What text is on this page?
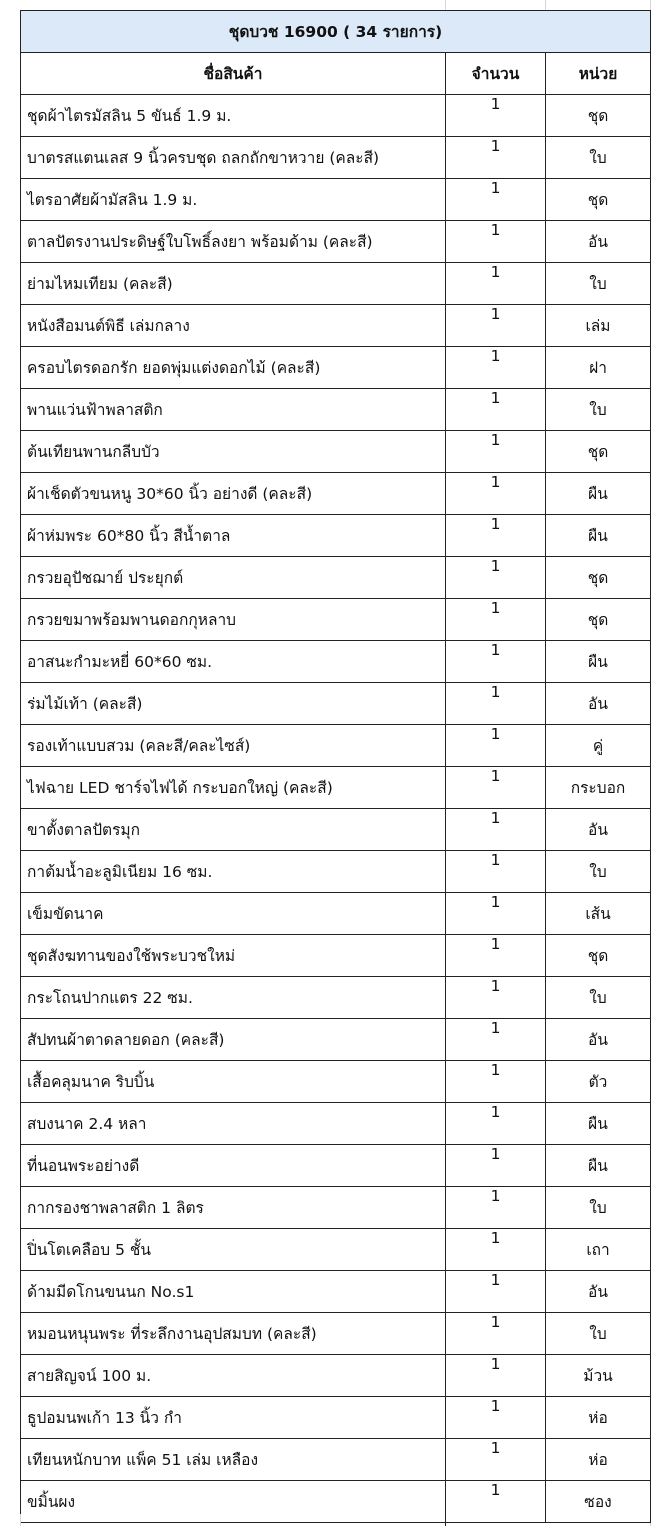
ชุดบวช 16900 ( 34 รายการ)		
ชื่อสินค้า	จำนวน	หน่วย
ชุดผ้าไตรมัสลิน 5 ขันธ์ 1.9 ม.	1	ชุด
บาตรสแตนเลส 9 นิ้วครบชุด ถลกถักขาหวาย (คละสี)	1	ใบ
ไตรอาศัยผ้ามัสลิน 1.9 ม.	1	ชุด
ตาลปัตรงานประดิษฐ์ใบโพธิ์ลงยา พร้อมด้าม (คละสี)	1	อัน
ย่ามไหมเทียม (คละสี)	1	ใบ
หนังสือมนต์พิธี เล่มกลาง	1	เล่ม
ครอบไตรดอกรัก ยอดพุ่มแต่งดอกไม้ (คละสี)	1	ฝา
พานแว่นฟ้าพลาสติก	1	ใบ
ต้นเทียนพานกลีบบัว	1	ชุด
ผ้าเช็ดตัวขนหนู 30*60 นิ้ว อย่างดี (คละสี)	1	ผืน
ผ้าห่มพระ 60*80 นิ้ว สีน้ำตาล	1	ผืน
กรวยอุปัชฌาย์ ประยุกต์	1	ชุด
กรวยขมาพร้อมพานดอกกุหลาบ	1	ชุด
อาสนะกำมะหยี่ 60*60 ซม.	1	ผืน
ร่มไม้เท้า (คละสี)	1	อัน
รองเท้าแบบสวม (คละสี/คละไซส์)	1	คู่
ไฟฉาย LED ชาร์จไฟได้ กระบอกใหญ่ (คละสี)	1	กระบอก
ขาตั้งตาลปัตรมุก	1	อัน
กาต้มน้ำอะลูมิเนียม 16 ซม.	1	ใบ
เข็มขัดนาค	1	เส้น
ชุดสังฆทานของใช้พระบวชใหม่	1	ชุด
กระโถนปากแตร 22 ซม.	1	ใบ
สัปทนผ้าตาดลายดอก (คละสี)	1	อัน
เสื้อคลุมนาค ริบบิ้น	1	ตัว
สบงนาค 2.4 หลา	1	ผืน
ที่นอนพระอย่างดี	1	ผืน
กากรองชาพลาสติก 1 ลิตร	1	ใบ
ปิ่นโตเคลือบ 5 ชั้น	1	เถา
ด้ามมีดโกนขนนก No.s1	1	อัน
หมอนหนุนพระ ที่ระลึกงานอุปสมบท (คละสี)	1	ใบ
สายสิญจน์ 100 ม.	1	ม้วน
ธูปอมนพเก้า 13 นิ้ว กำ	1	ห่อ
เทียนหนักบาท แพ็ค 51 เล่ม เหลือง	1	ห่อ
ขมิ้นผง	1	ซอง
